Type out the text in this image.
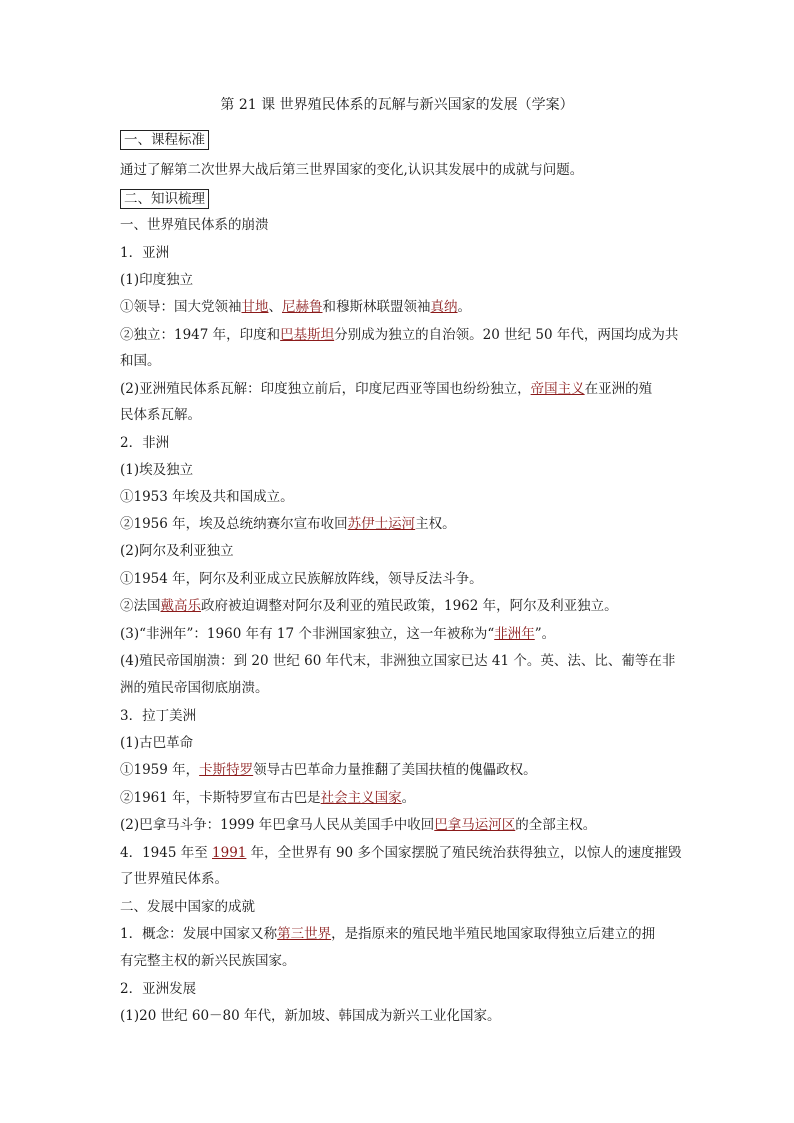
第 21 课 世界殖民体系的瓦解与新兴国家的发展（学案）
一、课程标准
通过了解第二次世界大战后第三世界国家的变化,认识其发展中的成就与问题。
二、知识梳理
一、世界殖民体系的崩溃
1．亚洲
(1)印度独立
①领导：国大党领袖甘地、尼赫鲁和穆斯林联盟领袖真纳。
②独立：1947 年，印度和巴基斯坦分别成为独立的自治领。20 世纪 50 年代，两国均成为共
和国。
(2)亚洲殖民体系瓦解：印度独立前后，印度尼西亚等国也纷纷独立，帝国主义在亚洲的殖
民体系瓦解。
2．非洲
(1)埃及独立
①1953 年埃及共和国成立。
②1956 年，埃及总统纳赛尔宣布收回苏伊士运河主权。
(2)阿尔及利亚独立
①1954 年，阿尔及利亚成立民族解放阵线，领导反法斗争。
②法国戴高乐政府被迫调整对阿尔及利亚的殖民政策，1962 年，阿尔及利亚独立。
(3)“非洲年”：1960 年有 17 个非洲国家独立，这一年被称为“非洲年”。
(4)殖民帝国崩溃：到 20 世纪 60 年代末，非洲独立国家已达 41 个。英、法、比、葡等在非
洲的殖民帝国彻底崩溃。
3．拉丁美洲
(1)古巴革命
①1959 年，卡斯特罗领导古巴革命力量推翻了美国扶植的傀儡政权。
②1961 年，卡斯特罗宣布古巴是社会主义国家。
(2)巴拿马斗争：1999 年巴拿马人民从美国手中收回巴拿马运河区的全部主权。
4．1945 年至 1991 年，全世界有 90 多个国家摆脱了殖民统治获得独立，以惊人的速度摧毁
了世界殖民体系。
二、发展中国家的成就
1．概念：发展中国家又称第三世界，是指原来的殖民地半殖民地国家取得独立后建立的拥
有完整主权的新兴民族国家。
2．亚洲发展
(1)20 世纪 60－80 年代，新加坡、韩国成为新兴工业化国家。
